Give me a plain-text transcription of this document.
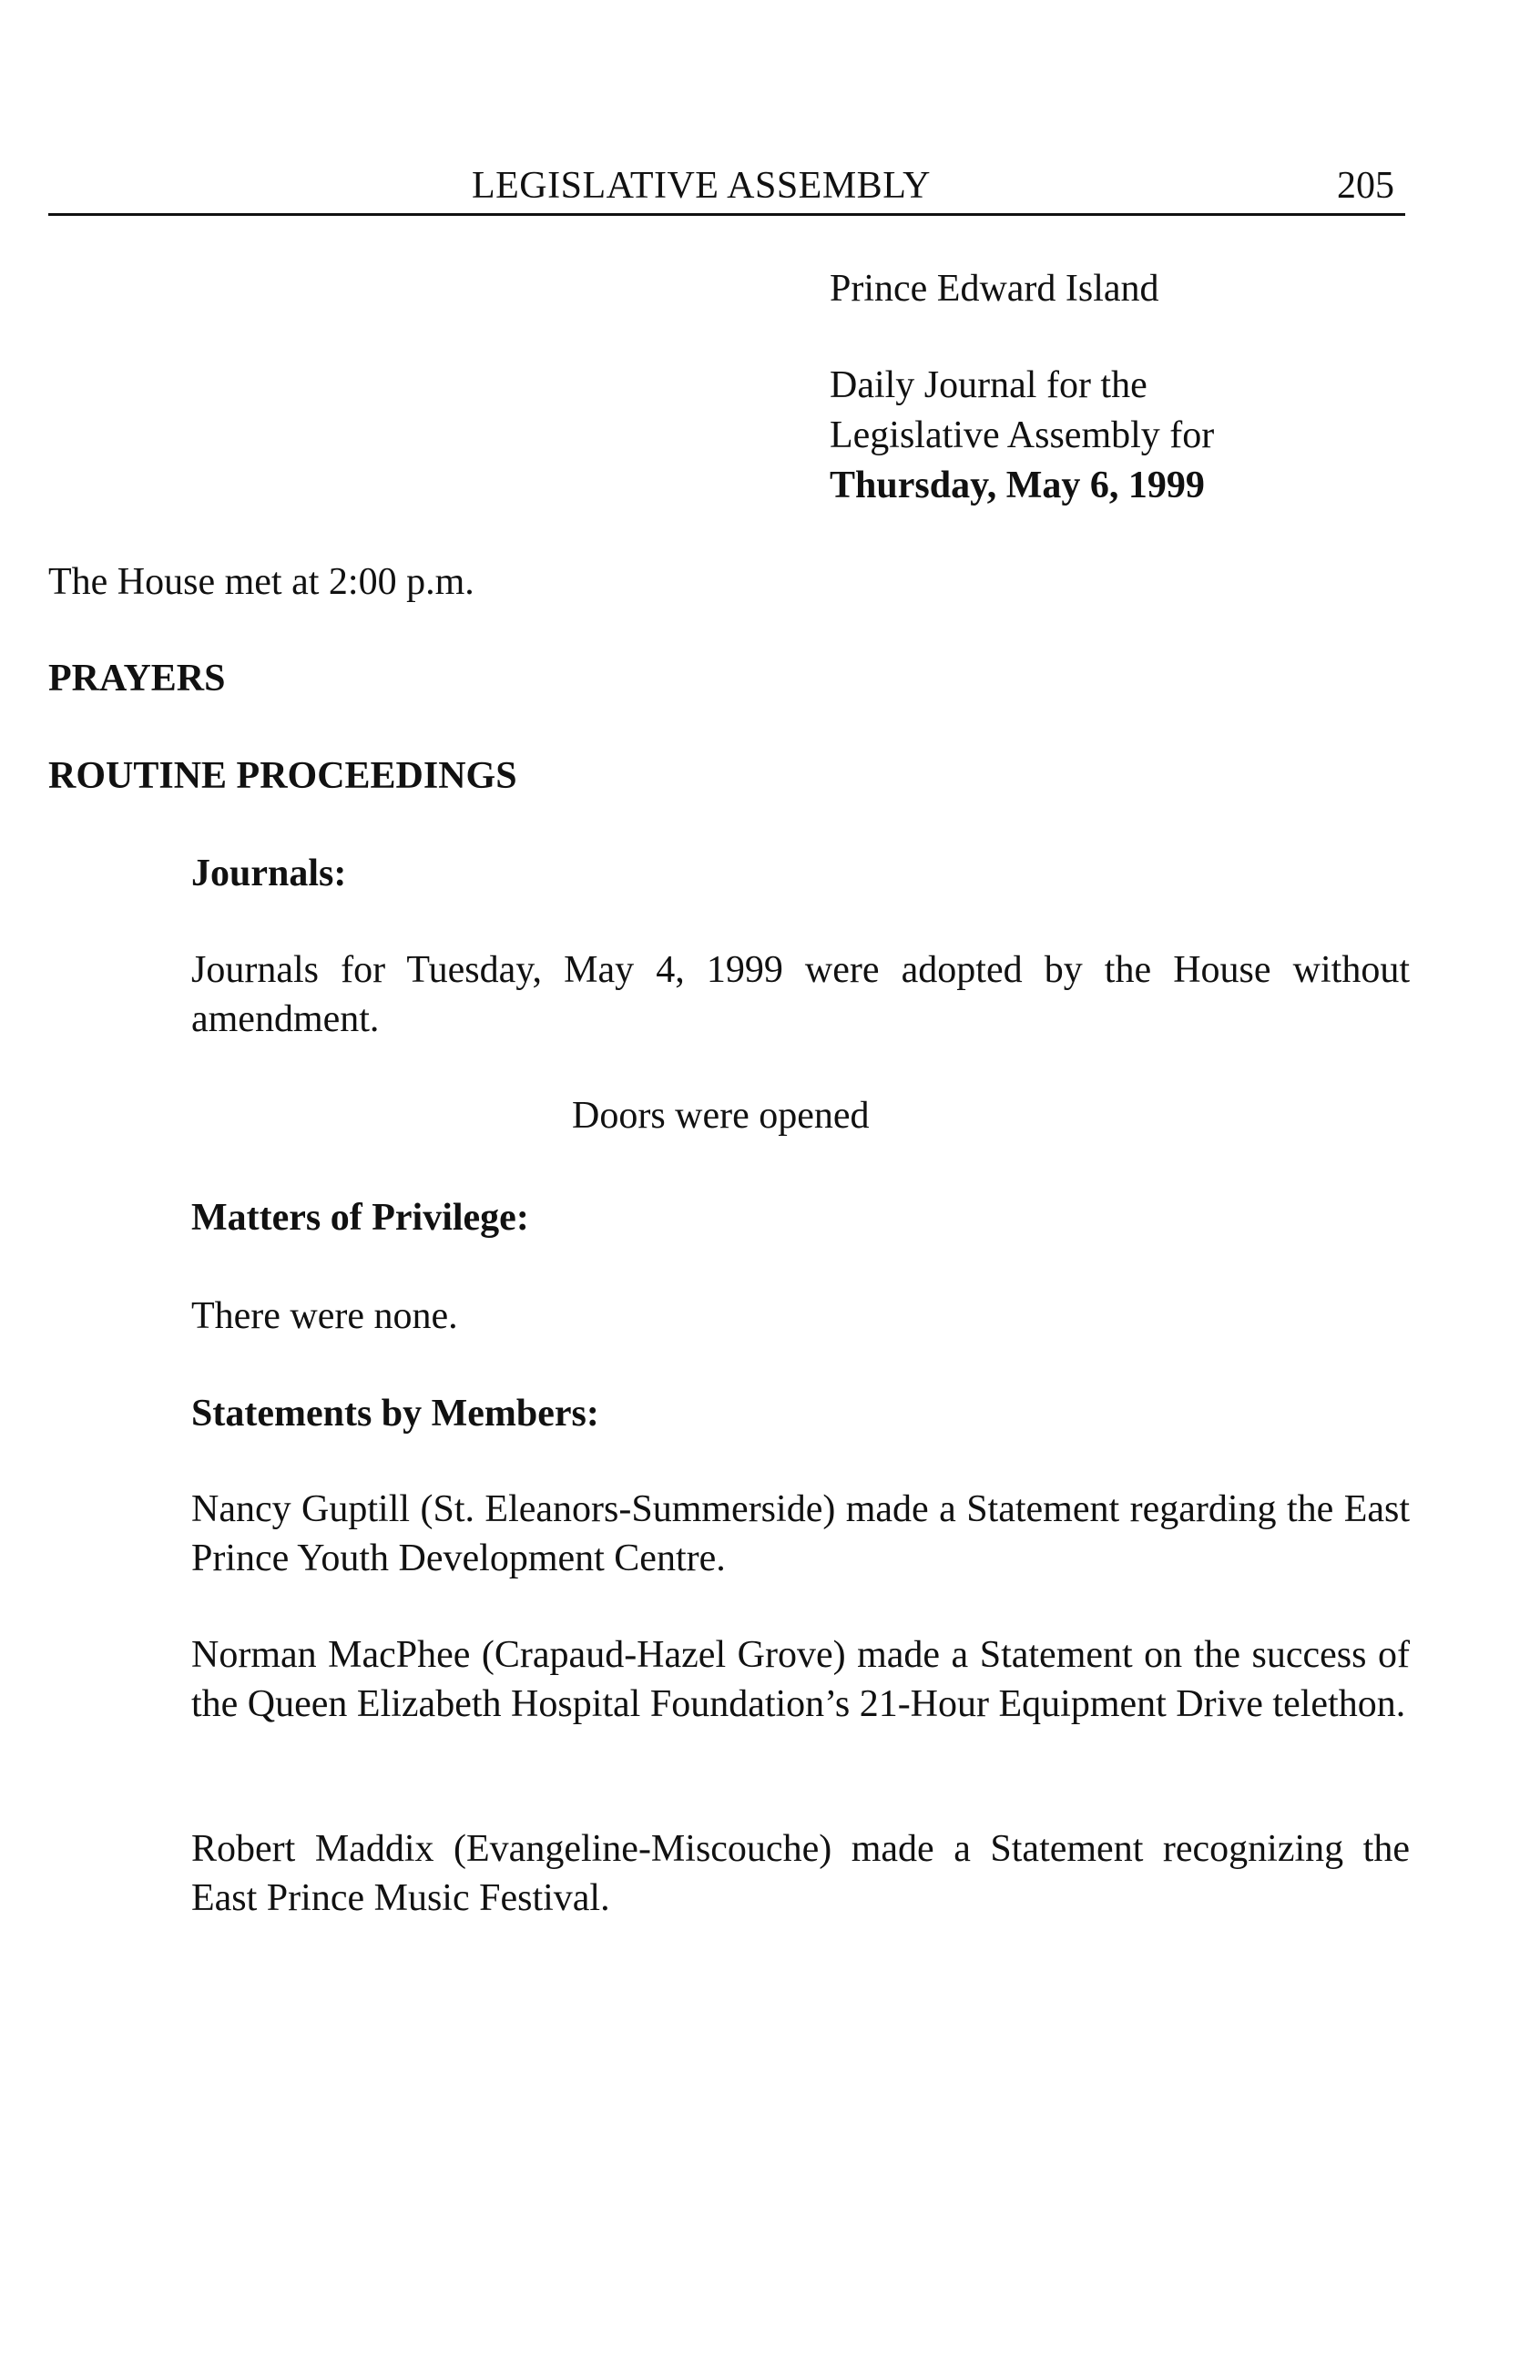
LEGISLATIVE ASSEMBLY	205
Prince Edward Island
Daily Journal for the
Legislative Assembly for
Thursday, May 6, 1999
The House met at 2:00 p.m.
PRAYERS
ROUTINE PROCEEDINGS
Journals:

Journals for Tuesday, May 4, 1999 were adopted by the House without amendment.

Doors were opened
Matters of Privilege:
There were none.
Statements by Members:

Nancy Guptill (St. Eleanors-Summerside) made a Statement regarding the East Prince Youth Development Centre.

Norman MacPhee (Crapaud-Hazel Grove) made a Statement on the success of the Queen Elizabeth Hospital Foundation’s 21-Hour Equipment Drive telethon.

Robert Maddix (Evangeline-Miscouche) made a Statement recognizing the East Prince Music Festival.
